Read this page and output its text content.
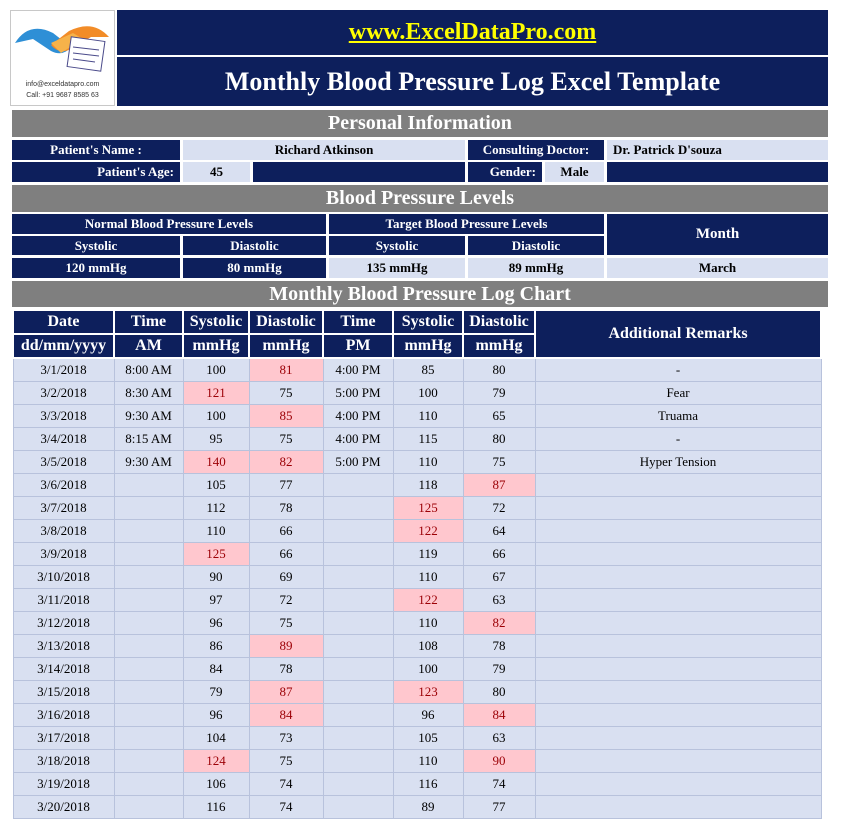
info@exceldatapro.com
Call: +91 9687 8585 63
www.ExcelDataPro.com
Monthly Blood Pressure Log Excel Template
Personal Information
Patient's Name :	Richard Atkinson	Consulting Doctor:	Dr. Patrick D'souza
Patient's Age:	45	Gender:	Male
Blood Pressure Levels
Normal Blood Pressure Levels	Target Blood Pressure Levels
Month
Systolic	Diastolic	Systolic	Diastolic
120 mmHg	80 mmHg	135 mmHg	89 mmHg	March
Monthly Blood Pressure Log Chart
Date	Time	Systolic	Diastolic	Time	Systolic	Diastolic	Additional Remarks
dd/mm/yyyy	AM	mmHg	mmHg	PM	mmHg	mmHg	
3/1/2018	8:00 AM	100	81	4:00 PM	85	80	-
3/2/2018	8:30 AM	121	75	5:00 PM	100	79	Fear
3/3/2018	9:30 AM	100	85	4:00 PM	110	65	Truama
3/4/2018	8:15 AM	95	75	4:00 PM	115	80	-
3/5/2018	9:30 AM	140	82	5:00 PM	110	75	Hyper Tension
3/6/2018		105	77		118	87	
3/7/2018		112	78		125	72	
3/8/2018		110	66		122	64	
3/9/2018		125	66		119	66	
3/10/2018		90	69		110	67	
3/11/2018		97	72		122	63	
3/12/2018		96	75		110	82	
3/13/2018		86	89		108	78	
3/14/2018		84	78		100	79	
3/15/2018		79	87		123	80	
3/16/2018		96	84		96	84	
3/17/2018		104	73		105	63	
3/18/2018		124	75		110	90	
3/19/2018		106	74		116	74	
3/20/2018		116	74		89	77	
